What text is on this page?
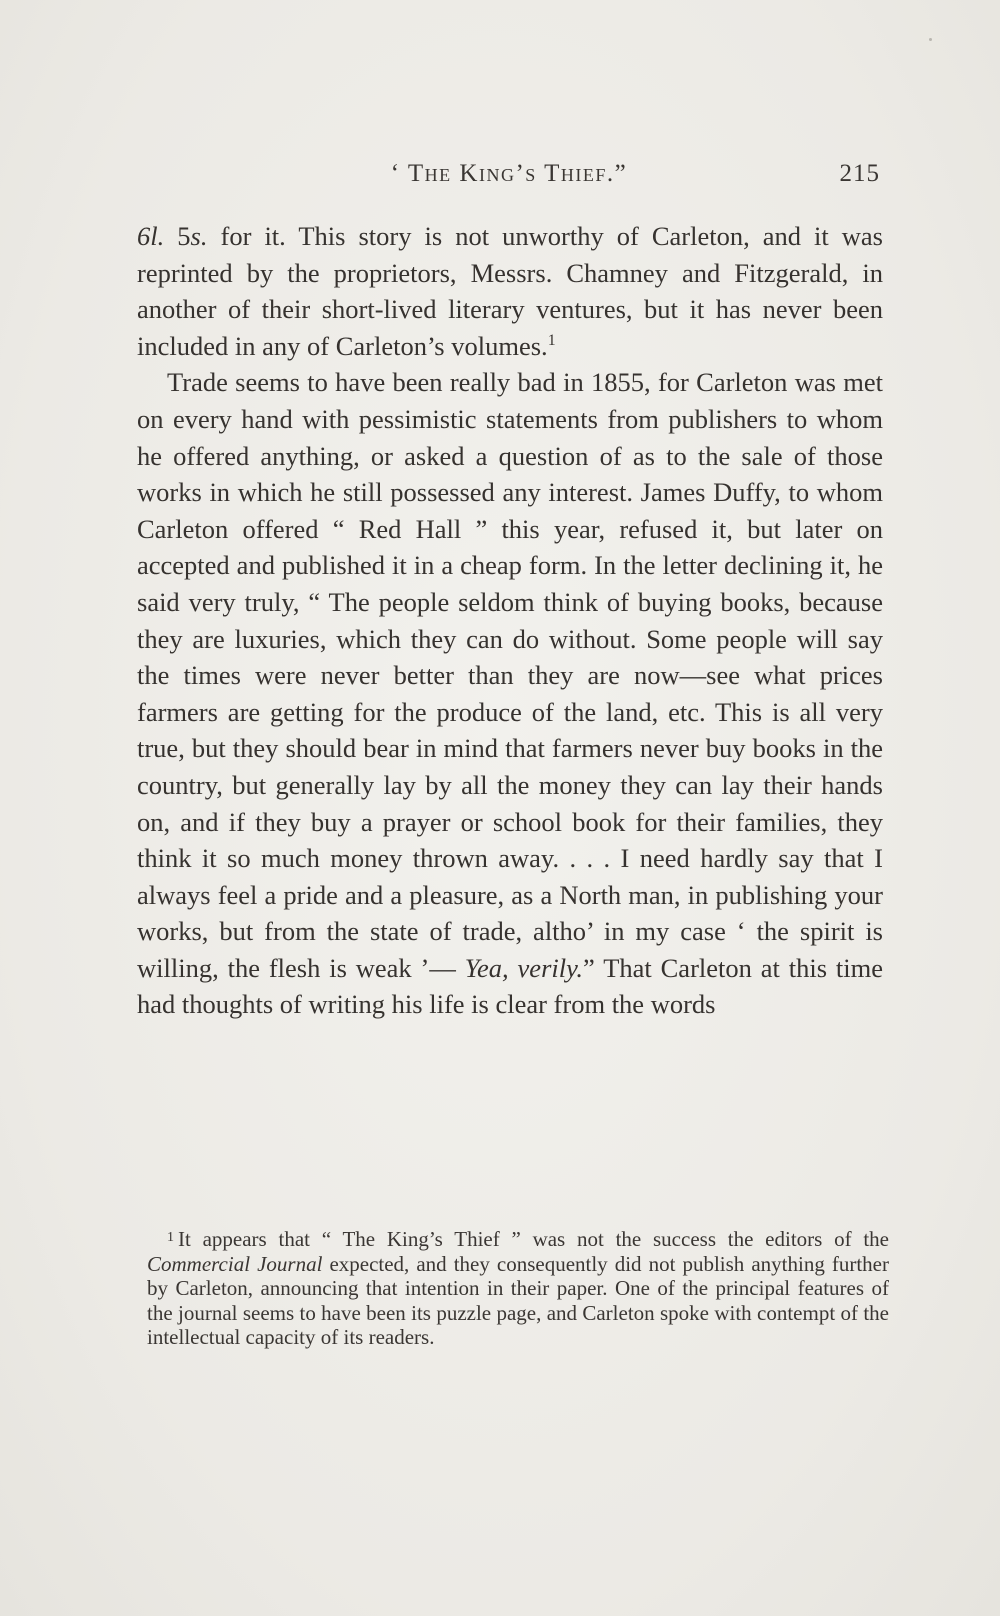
‘ The King’s Thief.”	215

6l. 5s. for it. This story is not unworthy of Carleton, and it was reprinted by the proprietors, Messrs. Chamney and Fitzgerald, in another of their short-lived literary ventures, but it has never been included in any of Carleton’s volumes.$^1$

Trade seems to have been really bad in 1855, for Carleton was met on every hand with pessimistic statements from publishers to whom he offered anything, or asked a question of as to the sale of those works in which he still possessed any interest. James Duffy, to whom Carleton offered “ Red Hall ” this year, refused it, but later on accepted and published it in a cheap form. In the letter declining it, he said very truly, “ The people seldom think of buying books, because they are luxuries, which they can do without. Some people will say the times were never better than they are now—see what prices farmers are getting for the produce of the land, etc. This is all very true, but they should bear in mind that farmers never buy books in the country, but generally lay by all the money they can lay their hands on, and if they buy a prayer or school book for their families, they think it so much money thrown away. . . . I need hardly say that I always feel a pride and a pleasure, as a North man, in publishing your works, but from the state of trade, altho’ in my case ‘ the spirit is willing, the flesh is weak ’— Yea, verily.” That Carleton at this time had thoughts of writing his life is clear from the words

$^1$ It appears that “ The King’s Thief ” was not the success the editors of the Commercial Journal expected, and they consequently did not publish anything further by Carleton, announcing that intention in their paper. One of the principal features of the journal seems to have been its puzzle page, and Carleton spoke with contempt of the intellectual capacity of its readers.
